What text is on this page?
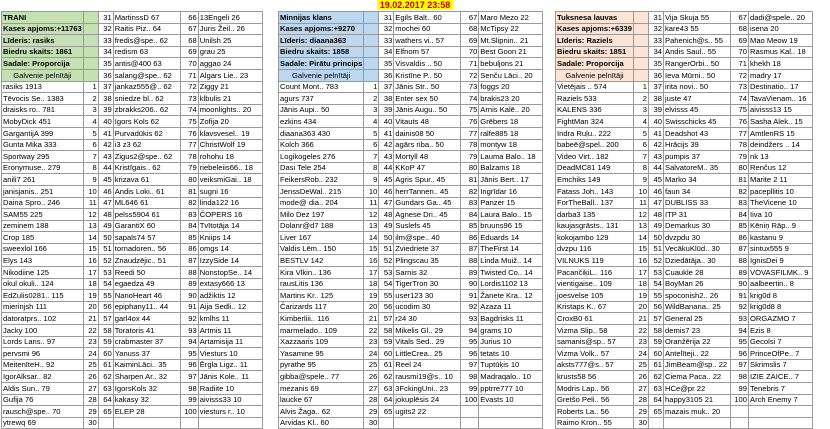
19.02.2017 23:58
TRANI		31	MartinssD 67	66	13Engeli 26
Kases apjoms:+11763		32	Raitis Piz.. 64	67	Juris Žeil.. 26
Līderis: rasiks		33	fredis@spe.. 62	68	Unilsh 25
Biedru skaits: 1861		34	redism 63	69	grau 25
Sadale: Proporcija		35	antis@400 63	70	aggao 24
Galvenie pelnītāji		36	salang@spe.. 62	71	Algars Lie.. 23
rasiks 1913	1	37	jankaz555@.. 62	72	Ziggy 21
Tēvocis Se.. 1383	2	38	sniedze bl.. 62	73	klbulis 21
draisks ro.. 781	3	39	zbrakks206.. 62	74	moonlights.. 20
MobyDick 451	4	40	Igors Kols 62	75	Zofija 20
GargantijA 399	5	41	Purvadūkis 62	76	klavsvesel.. 19
Gunta Mika 333	6	42	i3 z3 62	77	ChristWolf 19
Sportway 295	7	43	Zigus2@spe.. 62	78	rohohu 18
Eronymuse.. 279	8	44	Kristīgais.. 62	79	riebeleiis66.. 18
anili7 261	9	45	krizava 61	80	veiksmiGai.. 18
janisjanis.. 251	10	46	Andis Loki.. 61	81	sugni 16
Daina Spro.. 246	11	47	ML646 61	82	linda122 16
SAM55 225	12	48	pelss5904 61	83	ČOPERS 16
zeminem 188	13	49	GarantiX 60	84	Tvītotāja 14
Crop 185	14	50	sapals74 57	85	Kniips 14
sweexlol 166	15	51	tornadoren.. 56	86	omgs 14
Elys 143	16	52	Znaudzējic.. 51	87	IzzySide 14
Nikodiine 125	17	53	Reedi 50	88	NonstopSe.. 14
okul okuli.. 124	18	54	egaedza 49	89	extasy666 13
EdZulis0281.. 115	19	55	NanoHeart 46	90	adžiktis 12
mierinjsh 111	20	56	epiphany11.. 44	91	Aija Sedli.. 12
datoratprs.. 102	21	57	garl4ox 44	92	kmlhs 11
Jacky 100	22	58	Toratoris 41	93	Artmis 11
Lords Lans.. 97	23	59	crabmaster 37	94	Artamisija 11
pervsmi 96	24	60	Yanuss 37	95	Viesturs 10
MeitenīteH.. 92	25	61	KaiminLāci.. 35	96	Ērgla Ligz.. 11
IgorAlksar.. 82	26	62	Sharpen Ar.. 32	97	Jānis Kole.. 11
Aldis Sun.. 79	27	63	IgorsKols 32	98	Radiite 10
Gufija 76	28	64	kakasy 32	99	aivisss33 10
rausch@spe.. 70	29	65	ELEP 28	100	viesturs r.. 10
ytrewq 69	30				
Minnijas klans		31	Egils Balt.. 60	67	Maro Mezo 22
Kases apjoms:+9270		32	mochei 60	68	McTipsy 22
Līderis: diaana363		33	wathers vi.. 57	69	Mt.Slipnin.. 21
Biedru skaits: 1858		34	Elfnom 57	70	Best Goon 21
Sadale: Pirātu princips		35	Visvaldis .. 50	71	bebuljons 21
Galvenie pelnītāji		36	Kristīne P.. 50	72	Senču Lāci.. 20
Count Mont.. 783	1	37	Jānis Str.. 50	73	foggs 20
agurs 737	2	38	Enter sex 50	74	brakis23 20
Jānis Aupi.. 50	3	39	Jānis Augu.. 50	75	Arnis Kalē.. 20
ezkins 434	4	40	Vitauts 48	76	Grēbers 18
diaana363 430	5	41	dainis08 50	77	ralfe885 18
Kolch 366	6	42	agārs riba.. 50	78	montyw 18
Logikogeles 276	7	43	Mortyll 48	79	Lauma Balo.. 18
Dasi Tele 254	8	44	KKoP 47	80	Balzams 18
FeikersRob.. 232	9	45	Agris Spur.. 45	81	Jānis Bert.. 17
JenssDeWal.. 215	10	46	herrTannen.. 45	82	Ingrīdar 16
mode@ dia.. 204	11	47	Gundars Ga.. 45	83	Panzer 15
Milo Dez 197	12	48	Agnese Dri.. 45	84	Laura Balo.. 15
Dolanr@d7 188	13	49	Suslefs 45	85	bruuns96 15
Liver 167	14	50	ilm@spe.. 40	86	Eduards 14
Valdis Lēm.. 150	15	51	Zviedriete 37	87	TheFirst 14
BESTLV 142	16	52	Plingscau 35	88	Linda Muiž.. 14
Kira Vlkin.. 136	17	53	Sarnis 32	89	Twisted Co.. 14
rausLitis 136	18	54	TigerTron 30	90	Lordis1102 13
Martins Kr.. 125	19	55	user123 30	91	Žanete Kra.. 12
Čarizards 117	20	56	ucodim 30	92	Azaza 11
Kimberliii.. 116	21	57	r24 30	93	Bagdrisks 11
marmelado.. 109	22	58	Mikelis Gl.. 29	94	grams 10
Xazzaaris 109	23	59	Vitals Sed.. 29	95	Jurius 10
Yasamine 95	24	60	LittleCrea.. 25	96	tetats 10
pyrathe 95	25	61	Reel 24	97	Tuptūķis 10
gibba@spele.. 77	26	62	rausmi19@s.. 10	98	Madraqalo.. 10
mezanis 69	27	63	3FckingUni.. 23	99	pptrre777 10
laucke 67	28	64	jokuplēsis 24	100	Evasts 10
Alvis Žaga.. 62	29	65	ugits2 22		
Arvidas Kl.. 60	30				
Tuksnesa lauvas		31	Vija Skuja 55	67	dadi@spele.. 20
Kases apjoms:+6339		32	kare43 55	68	isena 20
Līderis: Raziels		33	Pahenich@s.. 55	69	Mao Meow 19
Biedru skaits: 1851		34	Andis Saul.. 55	70	Rasmus Kal.. 18
Sadale: Proporcija		35	RangerOrbi.. 50	71	khekh 18
Galvenie pelnītāji		36	Ieva Mūrni.. 50	72	madry 17
Vietējais .. 574	1	37	irita novi.. 50	73	Destinatio.. 17
Raziels 533	2	38	juste 47	74	TavaVienam.. 16
KALENS 336	3	39	elvisss 45	75	aivisss13 15
FightMan 324	4	40	Swisschicks 45	76	Sasha Alek.. 15
Indra Ruļu.. 222	5	41	Deadshot 43	77	AmtlenRS 15
babeē@spel.. 200	6	42	Hrācijs 39	78	deindžers .. 14
Video Virt.. 182	7	43	pumpis 37	79	nk 13
DeadMC81 149	8	44	SalvatoreM.. 35	80	Renčus 12
Emchiks 149	9	45	Marko 34	81	Marite 2 11
Fatass Joh.. 143	10	46	faun 34	82	pacepllitis 10
ForTheBall.. 137	11	47	DUBLISS 33	83	TheVicene 10
darba3 135	12	48	ITP 31	84	Iiva 10
kaujasgrāsts.. 131	13	49	Demarkus 30	85	Kēniņ Rāp.. 9
kokojambo 129	14	50	dvzpdu 30	86	kastanu 9
dvzpu 116	15	51	VecākuKlūd.. 30	87	sintux555 9
VILNUKS 119	16	52	Dziedātāja.. 30	88	IgnisDei 9
PacančiķiL.. 116	17	53	Cuaukle 28	89	VOVASFILMK.. 9
vientigaise.. 109	18	54	BoyMan 26	90	aalbeertin.. 8
joesvelse 105	19	55	spoconish2.. 26	91	krig0d 8
Kristaps K.. 67	20	56	WildBanana.. 25	92	krig0d8 8
CroxB0 61	21	57	General 25	93	ORGAZMO 7
Vizma Slip.. 58	22	58	demis7 23	94	Ezis 8
samanis@sp.. 57	23	59	Oranžērija 22	95	Gecolsi 7
Vizma Volk.. 57	24	60	Antelīteji.. 22	96	PrinceOfPe.. 7
aksts777@s.. 57	25	61	JimBeam@sp.. 22	97	Skrimslis 7
krusts58 56	26	62	Ciema Paca.. 22	98	IZIE ZAICE.. 7
Modris Lap.. 56	27	63	HCe@pr 22	99	Tenebris 7
Gretšo Peli.. 56	28	64	happy3105 21	100	Arch Enemy 7
Roberts La.. 56	29	65	mazais muk.. 20		
Raimo Kron.. 55	30				
